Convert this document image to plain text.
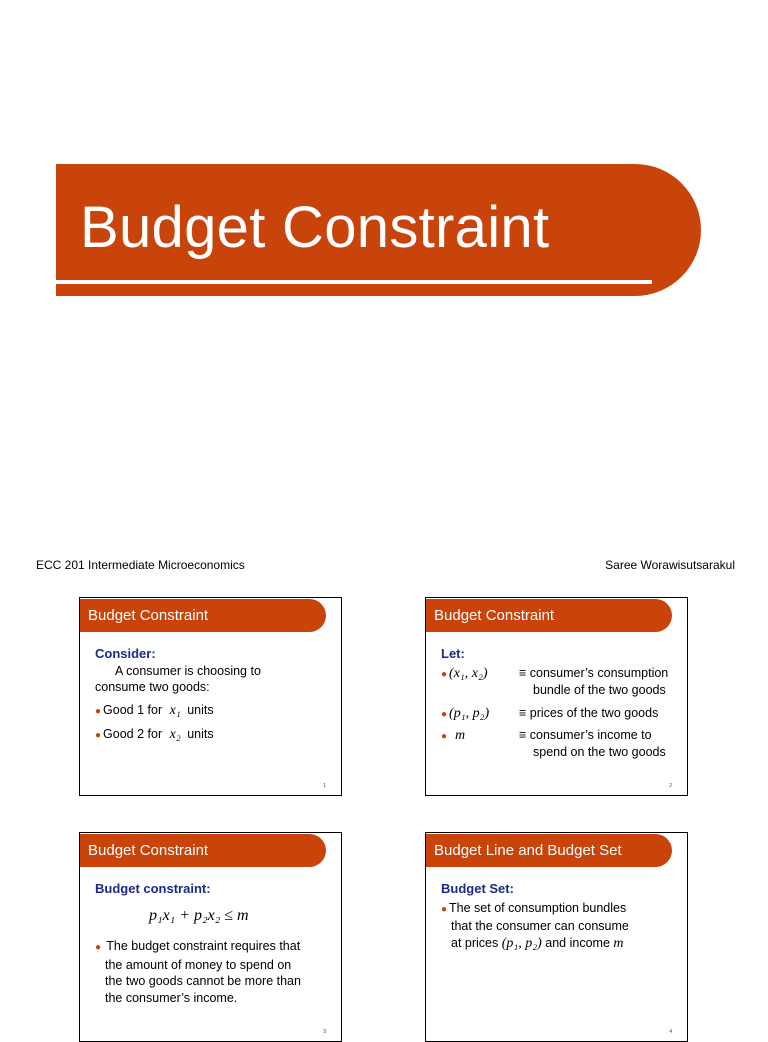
Budget Constraint
ECC 201 Intermediate Microeconomics	Saree Worawisutsarakul
Budget Constraint
Consider:
A consumer is choosing to
consume two goods:
● Good 1 for x₁ units
● Good 2 for x₂ units
1
Budget Constraint
Let:
● (x₁, x₂)	≡ consumer’s consumption
bundle of the two goods
● (p₁, p₂) ≡ prices of the two goods
● m	≡ consumer’s income to
spend on the two goods
2
Budget Constraint
Budget constraint:
p₁x₁ + p₂x₂ ≤ m
● The budget constraint requires that
the amount of money to spend on
the two goods cannot be more than
the consumer’s income.
3
Budget Line and Budget Set
Budget Set:
● The set of consumption bundles
that the consumer can consume
at prices (p₁, p₂) and income m
4
